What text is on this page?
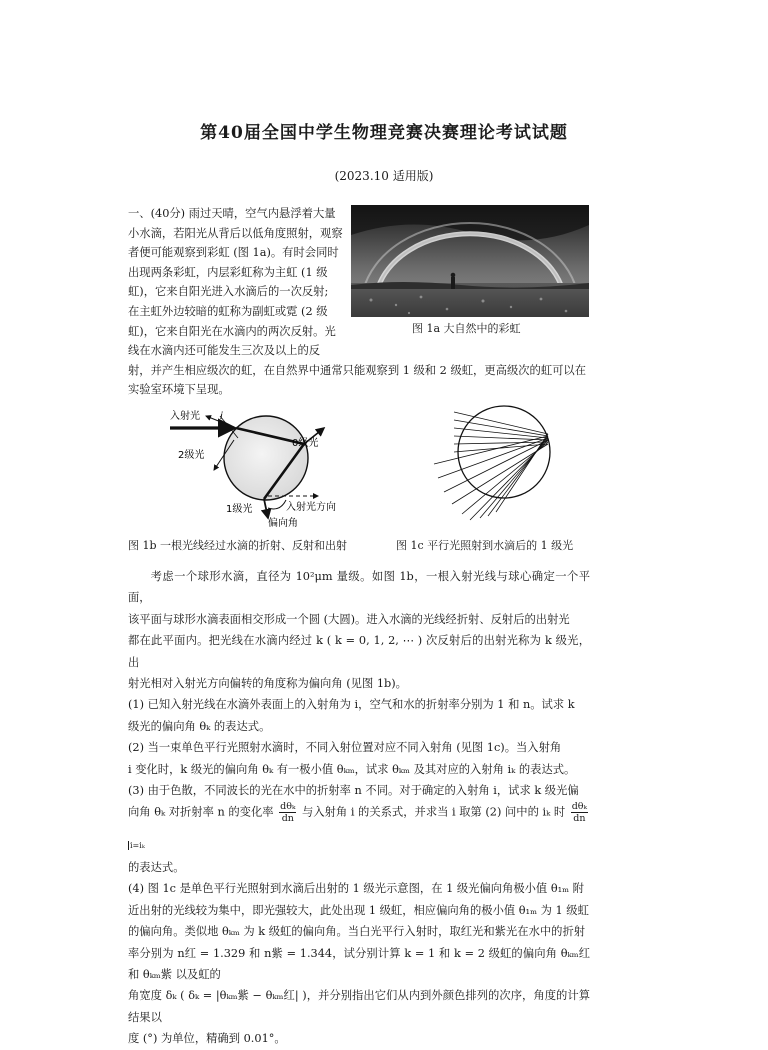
第40届全国中学生物理竞赛决赛理论考试试题
(2023.10 适用版)
一、(40分) 雨过天晴，空气内悬浮着大量
小水滴，若阳光从背后以低角度照射，观察
者便可能观察到彩虹 (图 1a)。有时会同时
出现两条彩虹，内层彩虹称为主虹 (1 级
虹)，它来自阳光进入水滴后的一次反射;
在主虹外边较暗的虹称为副虹或霓 (2 级
虹)，它来自阳光在水滴内的两次反射。光
线在水滴内还可能发生三次及以上的反
射，并产生相应级次的虹，在自然界中通常只能观察到 1 级和 2 级虹，更高级次的虹可以在
实验室环境下呈现。
图 1a 大自然中的彩虹
入射光 i
0级光
2级光
1级光	入射光方向
偏向角
图 1b 一根光线经过水滴的折射、反射和出射	图 1c 平行光照射到水滴后的 1 级光

考虑一个球形水滴，直径为 10²μm 量级。如图 1b，一根入射光线与球心确定一个平面，

该平面与球形水滴表面相交形成一个圆 (大圆)。进入水滴的光线经折射、反射后的出射光

都在此平面内。把光线在水滴内经过 k ( k = 0, 1, 2, ⋯ ) 次反射后的出射光称为 k 级光，出

射光相对入射光方向偏转的角度称为偏向角 (见图 1b)。

(1) 已知入射光线在水滴外表面上的入射角为 i，空气和水的折射率分别为 1 和 n。试求 k

级光的偏向角 θₖ 的表达式。

(2) 当一束单色平行光照射水滴时，不同入射位置对应不同入射角 (见图 1c)。当入射角

i 变化时，k 级光的偏向角 θₖ 有一极小值 θₖₘ，试求 θₖₘ 及其对应的入射角 iₖ 的表达式。

(3) 由于色散，不同波长的光在水中的折射率 n 不同。对于确定的入射角 i，试求 k 级光偏

向角 θₖ 对折射率 n 的变化率 $\frac{\text{dθₖ}}{dn}$ 与入射角 i 的关系式，并求当 i 取第 (2) 问中的 iₖ 时 $\frac{\text{dθₖ}}{dn}$
$_{i=i_k}$

的表达式。

(4) 图 1c 是单色平行光照射到水滴后出射的 1 级光示意图，在 1 级光偏向角极小值 θ₁ₘ 附

近出射的光线较为集中，即光强较大，此处出现 1 级虹，相应偏向角的极小值 θ₁ₘ 为 1 级虹

的偏向角。类似地 θₖₘ 为 k 级虹的偏向角。当白光平行入射时，取红光和紫光在水中的折射

率分别为 n红 = 1.329 和 n紫 = 1.344，试分别计算 k = 1 和 k = 2 级虹的偏向角 θₖₘ红 和 θₖₘ紫 以及虹的

角宽度 δₖ ( δₖ = |θₖₘ紫 − θₖₘ红| )，并分别指出它们从内到外颜色排列的次序，角度的计算结果以

度 (°) 为单位，精确到 0.01°。
